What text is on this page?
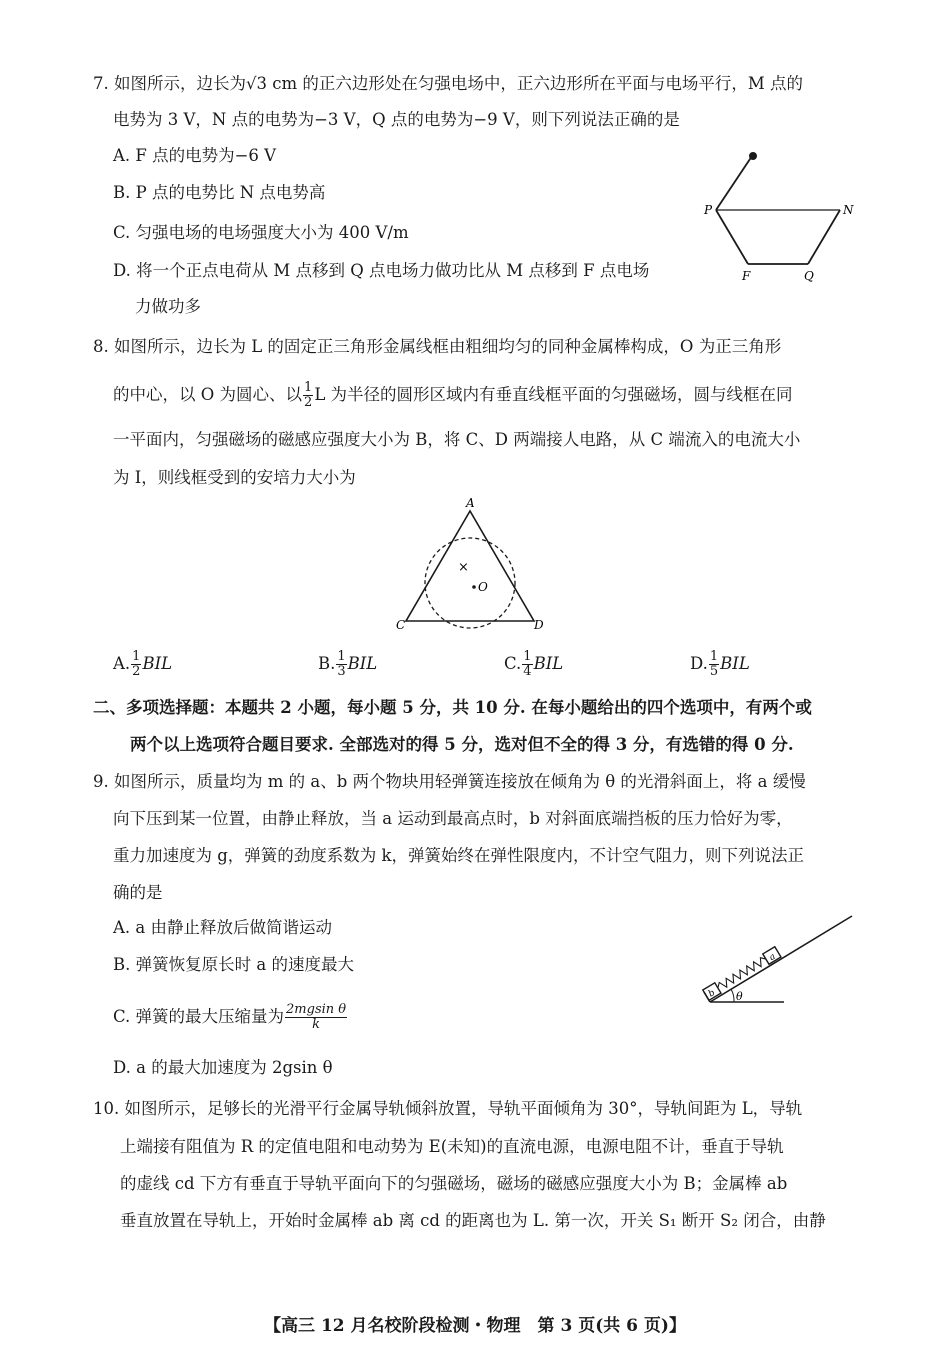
7. 如图所示，边长为√3 cm 的正六边形处在匀强电场中，正六边形所在平面与电场平行，M 点的
电势为 3 V，N 点的电势为−3 V，Q 点的电势为−9 V，则下列说法正确的是
A. F 点的电势为−6 V
B. P 点的电势比 N 点电势高
C. 匀强电场的电场强度大小为 400 V/m
D. 将一个正点电荷从 M 点移到 Q 点电场力做功比从 M 点移到 F 点电场
力做功多
P	N
F	Q
8. 如图所示，边长为 L 的固定正三角形金属线框由粗细均匀的同种金属棒构成，O 为正三角形
的中心，以 O 为圆心、以 $\frac{1}{2}$ L 为半径的圆形区域内有垂直线框平面的匀强磁场，圆与线框在同
一平面内，匀强磁场的磁感应强度大小为 B，将 C、D 两端接人电路，从 C 端流入的电流大小
为 I，则线框受到的安培力大小为
A
C	D
O
×
A. $\frac{1}{2}$ BIL	B. $\frac{1}{3}$ BIL	C. $\frac{1}{4}$ BIL	D. $\frac{1}{5}$ BIL
二、多项选择题：本题共 2 小题，每小题 5 分，共 10 分. 在每小题给出的四个选项中，有两个或
两个以上选项符合题目要求. 全部选对的得 5 分，选对但不全的得 3 分，有选错的得 0 分.
9. 如图所示，质量均为 m 的 a、b 两个物块用轻弹簧连接放在倾角为 θ 的光滑斜面上，将 a 缓慢
向下压到某一位置，由静止释放，当 a 运动到最高点时，b 对斜面底端挡板的压力恰好为零，
重力加速度为 g，弹簧的劲度系数为 k，弹簧始终在弹性限度内，不计空气阻力，则下列说法正
确的是
A. a 由静止释放后做简谐运动
B. 弹簧恢复原长时 a 的速度最大
C. 弹簧的最大压缩量为 $\frac{\text{2mgsin θ}}{k}$
D. a 的最大加速度为 2gsin θ
b
a
θ
10. 如图所示，足够长的光滑平行金属导轨倾斜放置，导轨平面倾角为 30°，导轨间距为 L，导轨
上端接有阻值为 R 的定值电阻和电动势为 E(未知)的直流电源，电源电阻不计，垂直于导轨
的虚线 cd 下方有垂直于导轨平面向下的匀强磁场，磁场的磁感应强度大小为 B；金属棒 ab
垂直放置在导轨上，开始时金属棒 ab 离 cd 的距离也为 L. 第一次，开关 S₁ 断开 S₂ 闭合，由静
【高三 12 月名校阶段检测・物理　第 3 页(共 6 页)】
